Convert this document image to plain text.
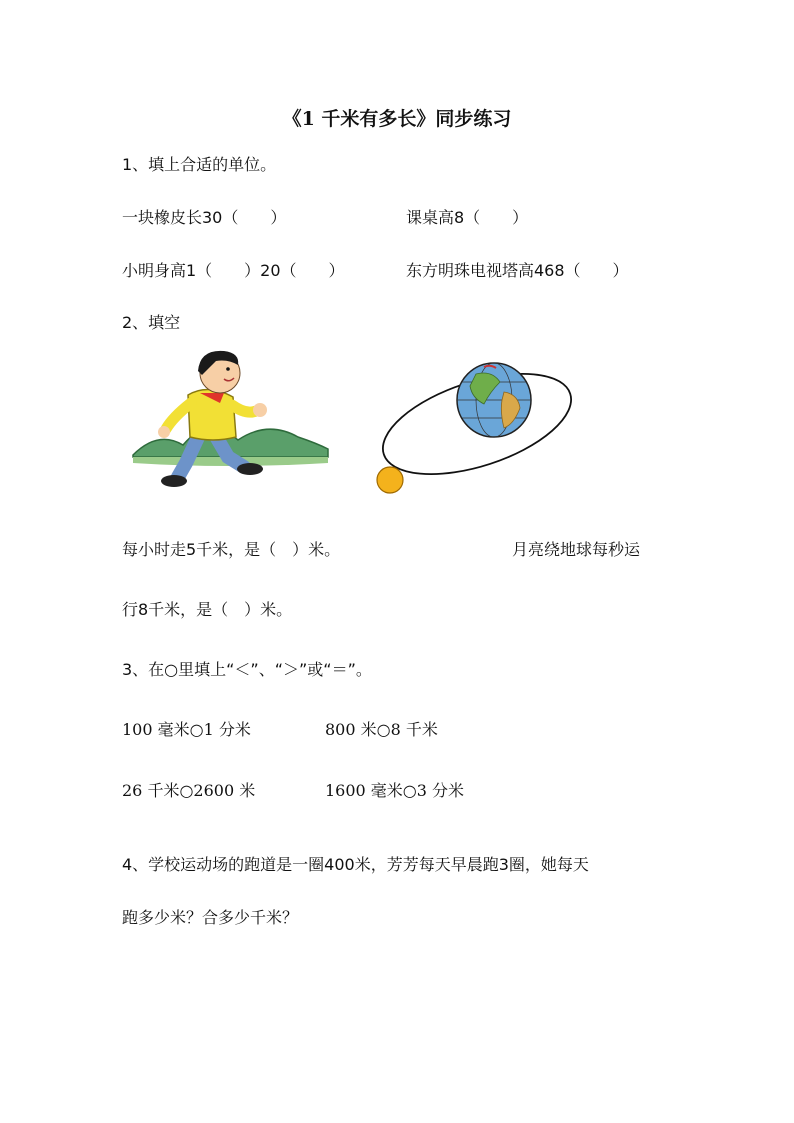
《1 千米有多长》同步练习
1、填上合适的单位。
一块橡皮长30（　　）	课桌高8（　　）
小明身高1（　　）20（　　）	东方明珠电视塔高468（　　）
2、填空
每小时走5千米，是（　）米。	月亮绕地球每秒运
行8千米，是（　）米。
3、在○里填上“＜”、“＞”或“＝”。
100 毫米○1 分米	800 米○8 千米
26 千米○2600 米	1600 毫米○3 分米
4、学校运动场的跑道是一圈400米，芳芳每天早晨跑3圈，她每天
跑多少米？合多少千米？
